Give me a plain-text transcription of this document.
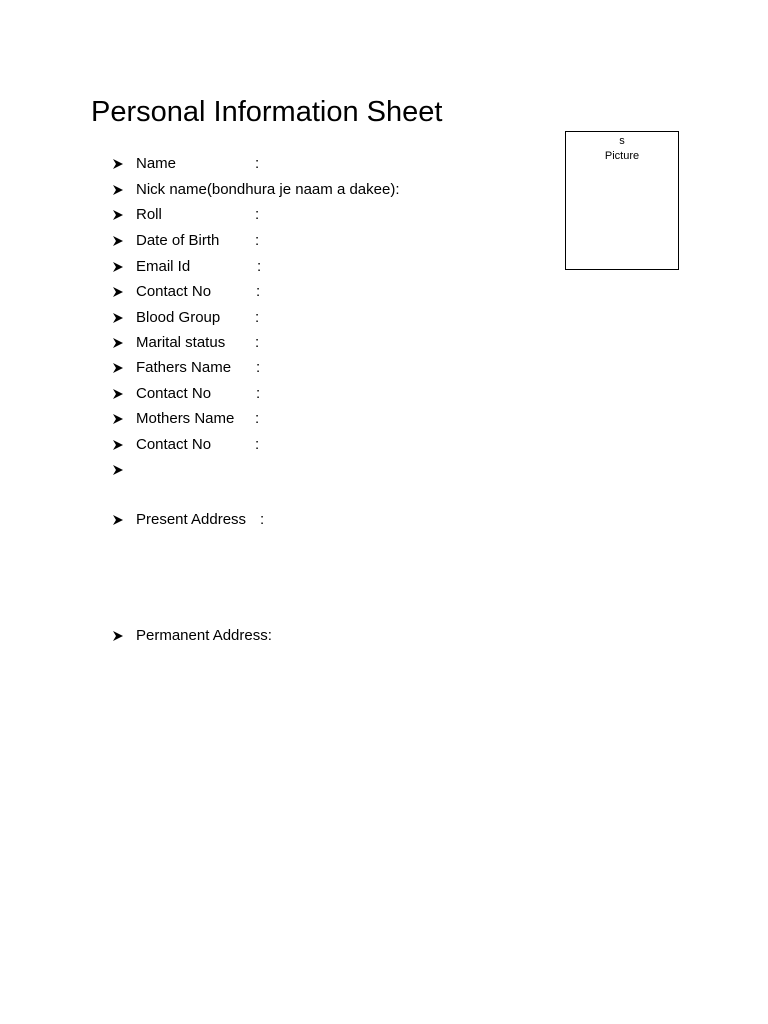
Personal Information Sheet
s
Picture
Name	:
Nick name(bondhura je naam a dakee):
Roll	:
Date of Birth :
Email Id	:
Contact No	:
Blood Group :
Marital status :
Fathers Name :
Contact No	:
Mothers Name :
Contact No	:
Present Address :
Permanent Address:
